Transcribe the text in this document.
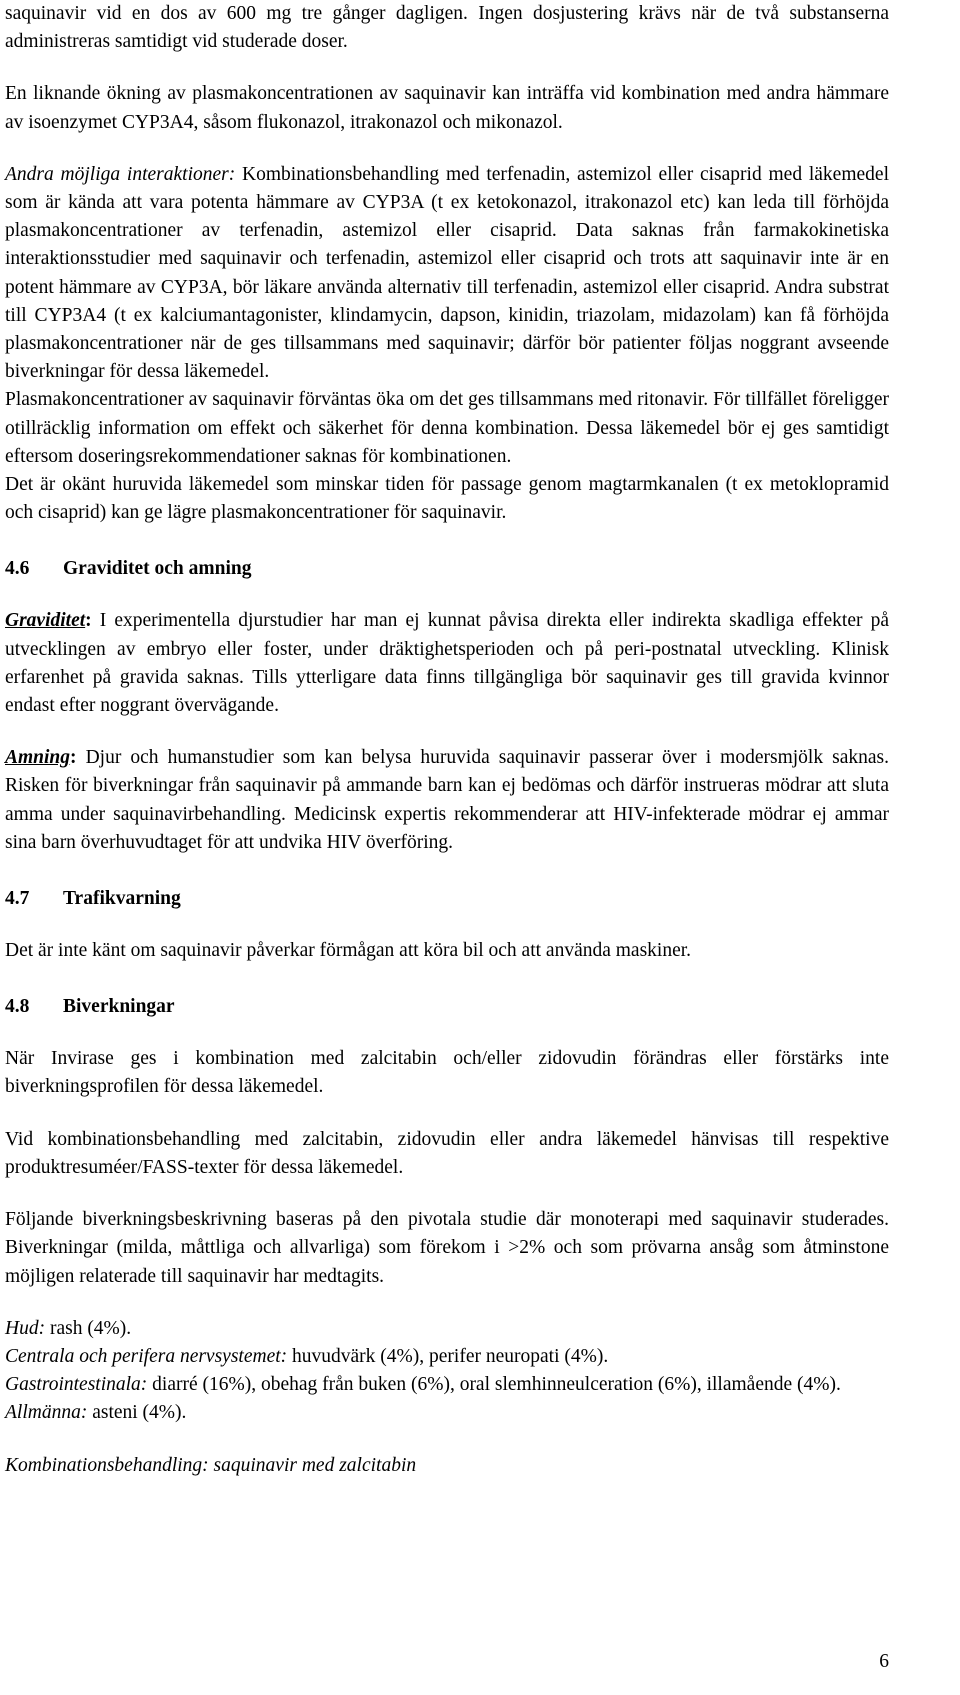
saquinavir vid en dos av 600 mg tre gånger dagligen. Ingen dosjustering krävs när de två substanserna administreras samtidigt vid studerade doser.

En liknande ökning av plasmakoncentrationen av saquinavir kan inträffa vid kombination med andra hämmare av isoenzymet CYP3A4, såsom flukonazol, itrakonazol och mikonazol.

Andra möjliga interaktioner: Kombinationsbehandling med terfenadin, astemizol eller cisaprid med läkemedel som är kända att vara potenta hämmare av CYP3A (t ex ketokonazol, itrakonazol etc) kan leda till förhöjda plasmakoncentrationer av terfenadin, astemizol eller cisaprid. Data saknas från farmakokinetiska interaktionsstudier med saquinavir och terfenadin, astemizol eller cisaprid och trots att saquinavir inte är en potent hämmare av CYP3A, bör läkare använda alternativ till terfenadin, astemizol eller cisaprid. Andra substrat till CYP3A4 (t ex kalciumantagonister, klindamycin, dapson, kinidin, triazolam, midazolam) kan få förhöjda plasmakoncentrationer när de ges tillsammans med saquinavir; därför bör patienter följas noggrant avseende biverkningar för dessa läkemedel.

Plasmakoncentrationer av saquinavir förväntas öka om det ges tillsammans med ritonavir. För tillfället föreligger otillräcklig information om effekt och säkerhet för denna kombination. Dessa läkemedel bör ej ges samtidigt eftersom doseringsrekommendationer saknas för kombinationen.

Det är okänt huruvida läkemedel som minskar tiden för passage genom magtarmkanalen (t ex metoklopramid och cisaprid) kan ge lägre plasmakoncentrationer för saquinavir.

4.6 Graviditet och amning

Graviditet: I experimentella djurstudier har man ej kunnat påvisa direkta eller indirekta skadliga effekter på utvecklingen av embryo eller foster, under dräktighetsperioden och på peri-postnatal utveckling. Klinisk erfarenhet på gravida saknas. Tills ytterligare data finns tillgängliga bör saquinavir ges till gravida kvinnor endast efter noggrant övervägande.

Amning: Djur och humanstudier som kan belysa huruvida saquinavir passerar över i modersmjölk saknas. Risken för biverkningar från saquinavir på ammande barn kan ej bedömas och därför instrueras mödrar att sluta amma under saquinavirbehandling. Medicinsk expertis rekommenderar att HIV-infekterade mödrar ej ammar sina barn överhuvudtaget för att undvika HIV överföring.

4.7 Trafikvarning

Det är inte känt om saquinavir påverkar förmågan att köra bil och att använda maskiner.

4.8 Biverkningar

När Invirase ges i kombination med zalcitabin och/eller zidovudin förändras eller förstärks inte biverkningsprofilen för dessa läkemedel.

Vid kombinationsbehandling med zalcitabin, zidovudin eller andra läkemedel hänvisas till respektive produktresuméer/FASS-texter för dessa läkemedel.

Följande biverkningsbeskrivning baseras på den pivotala studie där monoterapi med saquinavir studerades. Biverkningar (milda, måttliga och allvarliga) som förekom i >2% och som prövarna ansåg som åtminstone möjligen relaterade till saquinavir har medtagits.

Hud: rash (4%).

Centrala och perifera nervsystemet: huvudvärk (4%), perifer neuropati (4%).

Gastrointestinala: diarré (16%), obehag från buken (6%), oral slemhinneulceration (6%), illamående (4%).

Allmänna: asteni (4%).

Kombinationsbehandling: saquinavir med zalcitabin

6
